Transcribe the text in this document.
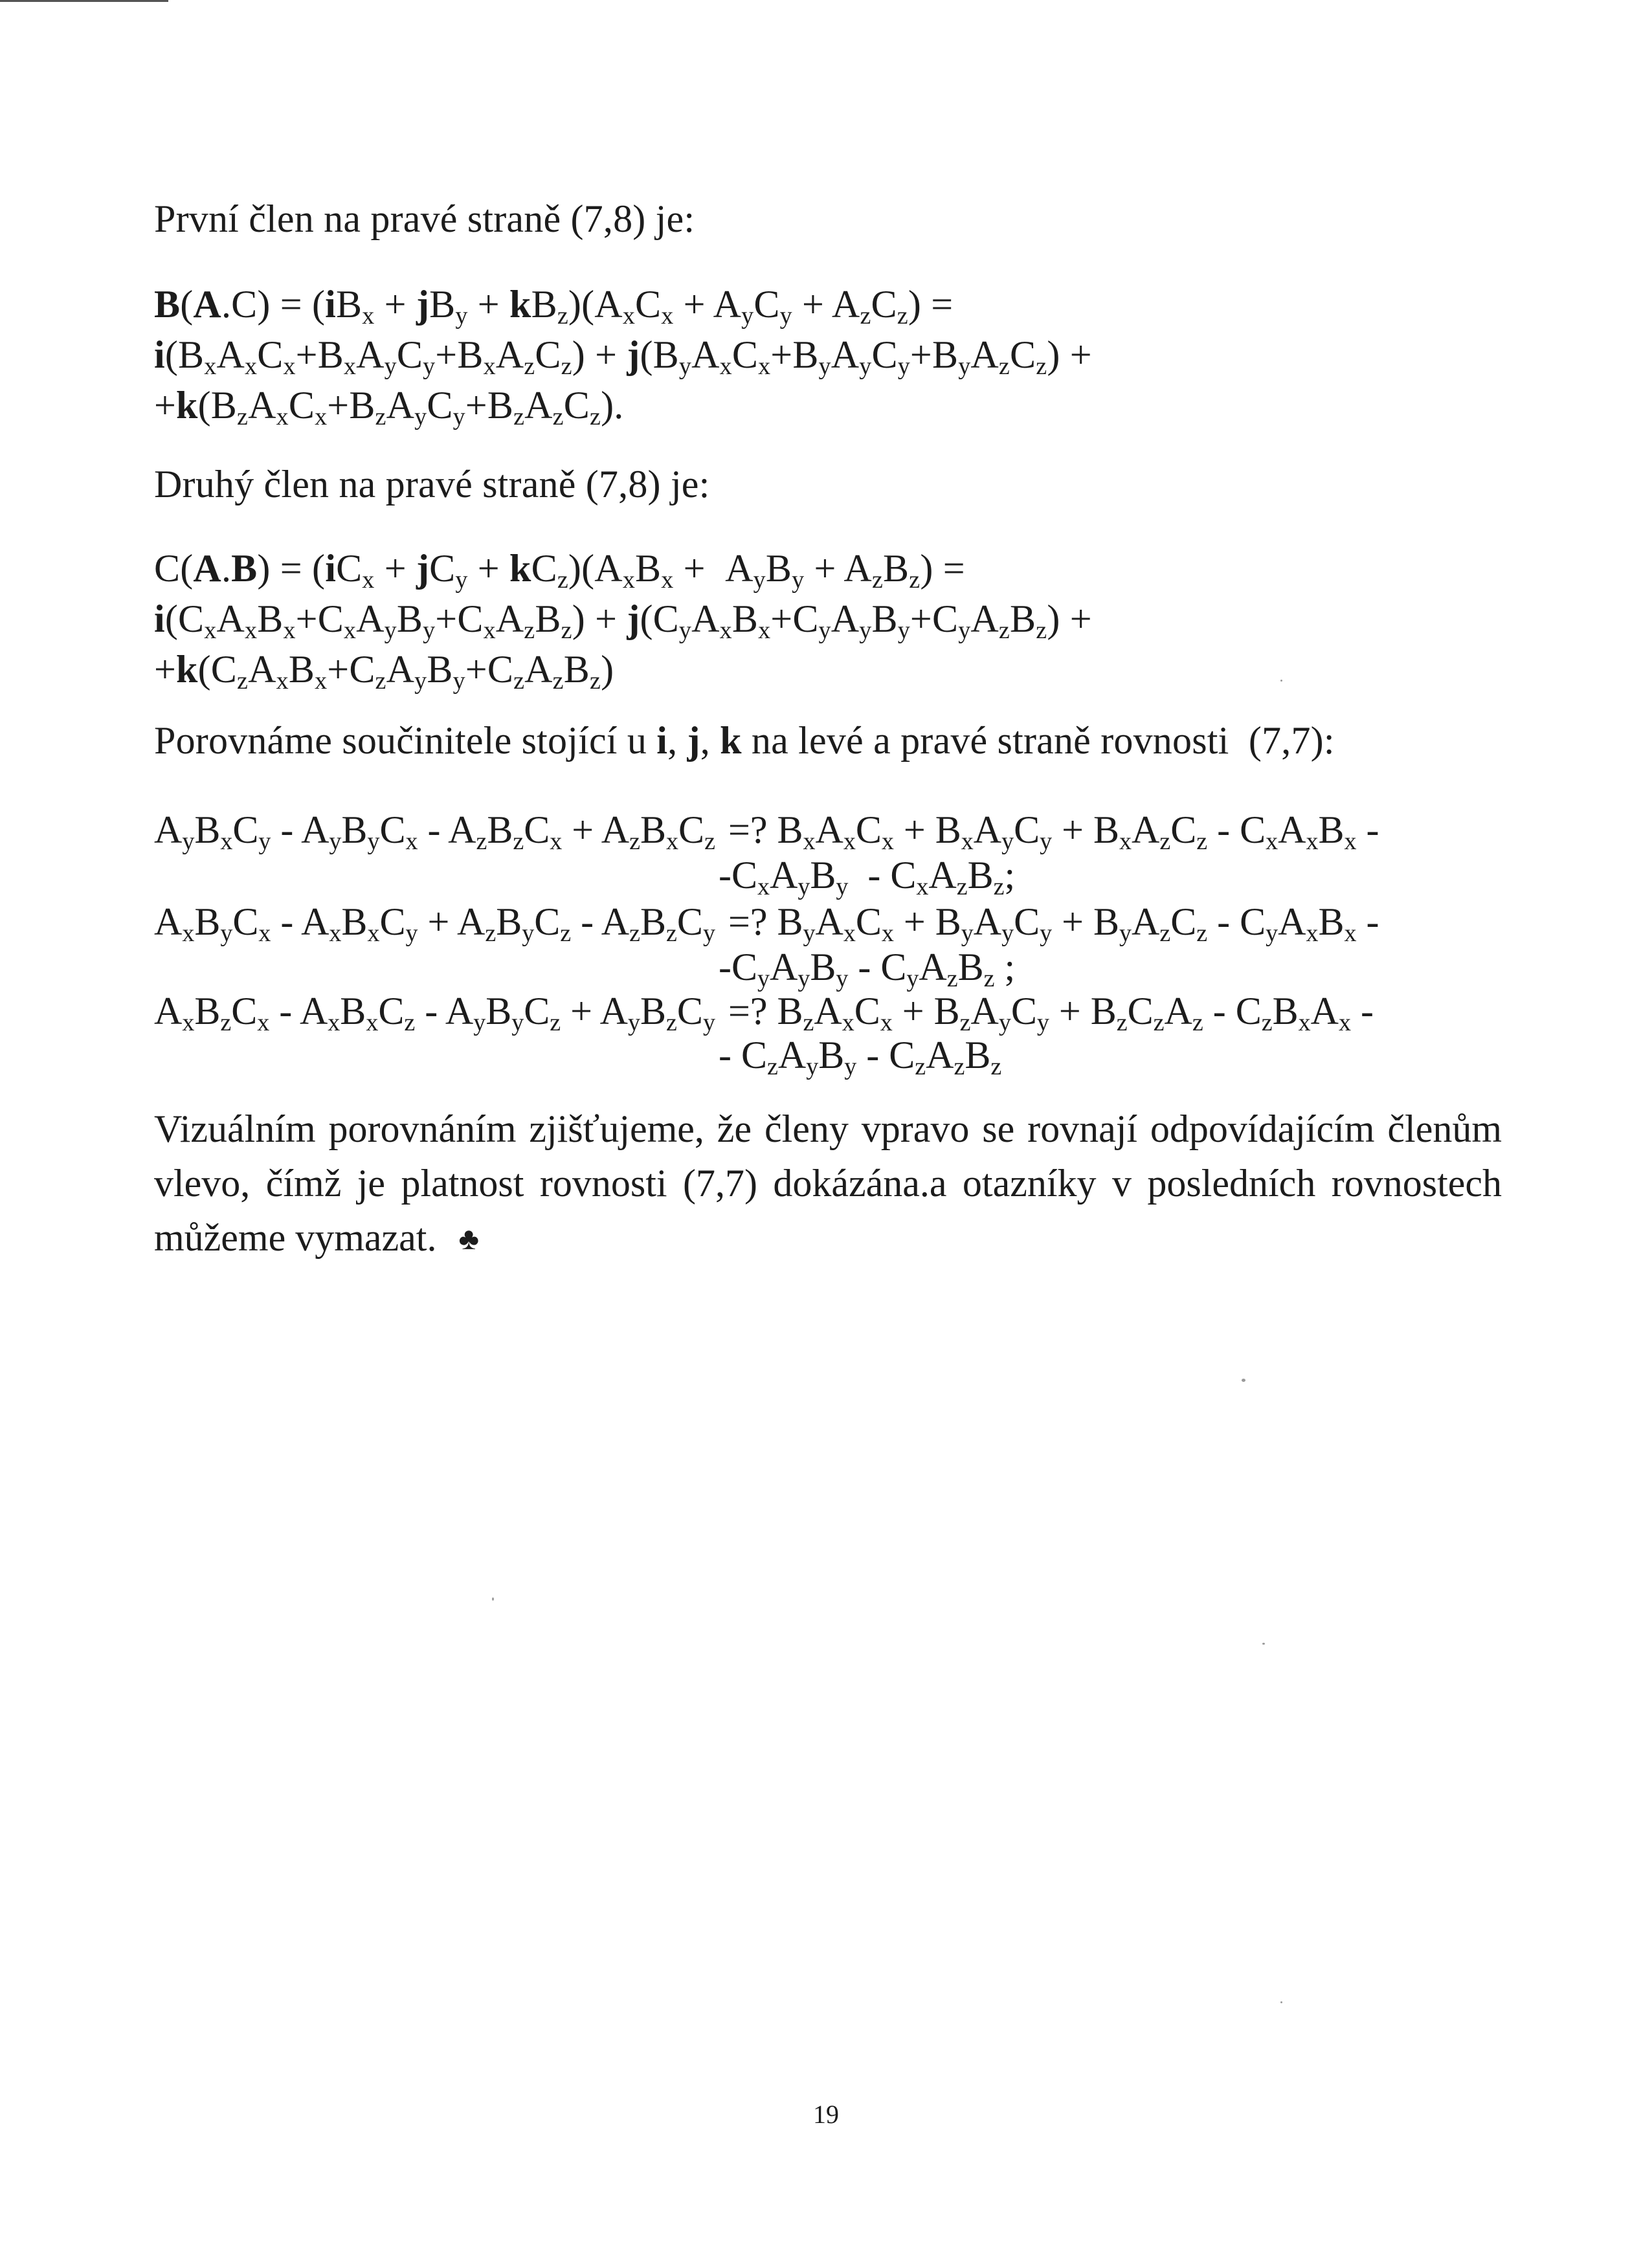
První člen na pravé straně (7,8) je:
$B(A.C) = (iB_x + jB_y + kB_z)(A_xC_x + A_yC_y + A_zC_z)$ =
$i(B_xA_xC_x+B_xA_yC_y+B_xA_zC_z) + j(B_yA_xC_x+B_yA_yC_y+B_yA_zC_z)$ +
$+k(B_zA_xC_x+B_zA_yC_y+B_zA_zC_z)$.
Druhý člen na pravé straně (7,8) je:
$C(A.B) = (iC_x + jC_y + kC_z)(A_xB_x + A_yB_y + A_zB_z)$ =
$i(C_xA_xB_x+C_xA_yB_y+C_xA_zB_z) + j(C_yA_xB_x+C_yA_yB_y+C_yA_zB_z)$ +
$+k(C_zA_xB_x+C_zA_yB_y+C_zA_zB_z)$
Porovnáme součinitele stojící u i, j, k na levé a pravé straně rovnosti  (7,7):
$A_yB_xC_y - A_yB_yC_x - A_zB_zC_x + A_zB_xC_z$ =? $B_xA_xC_x + B_xA_yC_y + B_xA_zC_z - C_xA_xB_x$ -
$-C_xA_yB_y - C_xA_zB_z$;
$A_xB_yC_x - A_xB_xC_y + A_zB_yC_z - A_zB_zC_y$ =? $B_yA_xC_x + B_yA_yC_y + B_yA_zC_z - C_yA_xB_x$ -
$-C_yA_yB_y - C_yA_zB_z$ ;
$A_xB_zC_x - A_xB_xC_z - A_yB_yC_z + A_yB_zC_y$ =? $B_zA_xC_x + B_zA_yC_y + B_zC_zA_z - C_zB_xA_x$ -
- $C_zA_yB_y - C_zA_zB_z$
Vizuálním porovnáním zjišťujeme, že členy vpravo se rovnají odpovídajícím členům vlevo, čímž je platnost rovnosti (7,7) dokázána.a otazníky v posledních rovnostech můžeme vymazat. ♣
19
